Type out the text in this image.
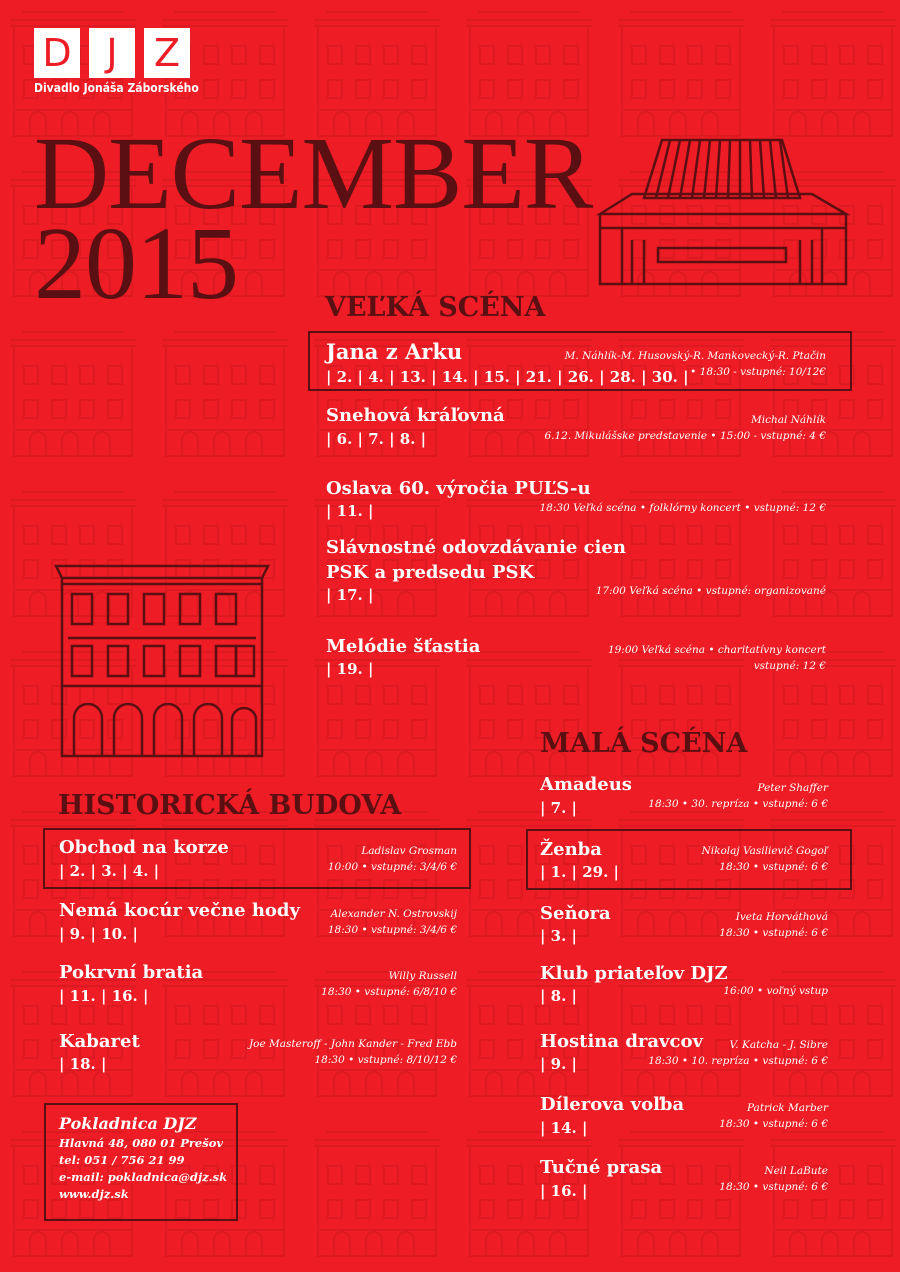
D J Z
Divadlo Jonáša Záborského
DECEMBER
2015	VEĽKÁ SCÉNA
Jana z Arku
| 2. | 4. | 13. | 14. | 15. | 21. | 26. | 28. | 30. |
M. Náhlík-M. Husovský-R. Mankovecký-R. Ptačin
• 18:30 - vstupné: 10/12€
Snehová kráľovná
| 6. | 7. | 8. |
Michal Náhlík
6.12. Mikulášske predstavenie • 15:00 - vstupné: 4 €
Oslava 60. výročia PUĽS-u
| 11. |	18:30 Veľká scéna • folklórny koncert • vstupné: 12 €
Slávnostné odovzdávanie cien
PSK a predsedu PSK
| 17. |	17:00 Veľká scéna • vstupné: organizované
Melódie šťastia
| 19. |
19:00 Veľká scéna • charitatívny koncert
vstupné: 12 €
HISTORICKÁ BUDOVA
Obchod na korze
| 2. | 3. | 4. |
Ladislav Grosman
10:00 • vstupné: 3/4/6 €
Nemá kocúr večne hody
| 9. | 10. |
Alexander N. Ostrovskij
18:30 • vstupné: 3/4/6 €
Pokrvní bratia
| 11. | 16. |
Willy Russell
18:30 • vstupné: 6/8/10 €
Kabaret
| 18. |
Joe Masteroff - John Kander - Fred Ebb
18:30 • vstupné: 8/10/12 €
MALÁ SCÉNA
Amadeus
| 7. |
Peter Shaffer
18:30 • 30. repríza • vstupné: 6 €
Ženba
| 1. | 29. |
Nikolaj Vasilievič Gogoľ
18:30 • vstupné: 6 €
Seňora
| 3. |
Iveta Horváthová
18:30 • vstupné: 6 €
Klub priateľov DJZ
| 8. |	16:00 • voľný vstup
Hostina dravcov
| 9. |
V. Katcha - J. Sibre
18:30 • 10. repríza • vstupné: 6 €
Dílerova voľba
| 14. |
Patrick Marber
18:30 • vstupné: 6 €
Tučné prasa
| 16. |
Neil LaBute
18:30 • vstupné: 6 €
Pokladnica DJZ
Hlavná 48, 080 01 Prešov
tel: 051 / 756 21 99
e-mail: pokladnica@djz.sk
www.djz.sk
